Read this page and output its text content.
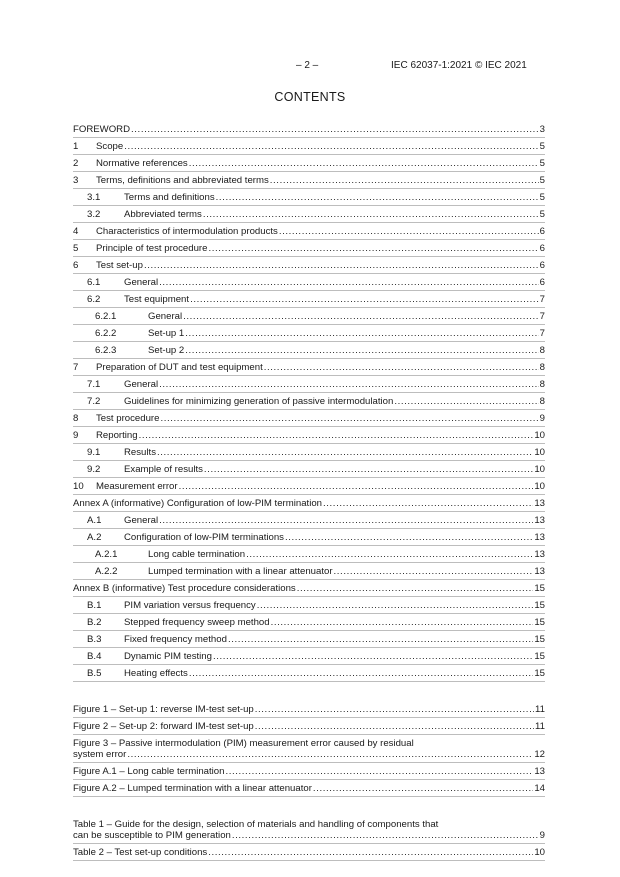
– 2 –	IEC 62037-1:2021 © IEC 2021
CONTENTS
FOREWORD .....	3
1 Scope .....	5
2 Normative references .....	5
3 Terms, definitions and abbreviated terms .....	5
3.1 Terms and definitions .....	5
3.2 Abbreviated terms .....	5
4 Characteristics of intermodulation products .....	6
5 Principle of test procedure .....	6
6 Test set-up .....	6
6.1 General .....	6
6.2 Test equipment .....	7
6.2.1	General .....	7
6.2.2	Set-up 1 .....	7
6.2.3	Set-up 2 .....	8
7 Preparation of DUT and test equipment .....	8
7.1 General .....	8
7.2 Guidelines for minimizing generation of passive intermodulation .....	8
8 Test procedure .....	9
9 Reporting .....	10
9.1 Results .....	10
9.2 Example of results .....	10
10 Measurement error .....	10
Annex A (informative) Configuration of low-PIM termination .....	13
A.1 General .....	13
A.2 Configuration of low-PIM terminations .....	13
A.2.1	Long cable termination .....	13
A.2.2	Lumped termination with a linear attenuator .....	13
Annex B (informative) Test procedure considerations .....	15
B.1 PIM variation versus frequency .....	15
B.2 Stepped frequency sweep method .....	15
B.3 Fixed frequency method .....	15
B.4 Dynamic PIM testing .....	15
B.5 Heating effects .....	15
Figure 1 – Set-up 1: reverse IM-test set-up .....	11
Figure 2 – Set-up 2: forward IM-test set-up .....	11
Figure 3 – Passive intermodulation (PIM) measurement error caused by residual
system error .....	12
Figure A.1 – Long cable termination .....	13
Figure A.2 – Lumped termination with a linear attenuator .....	14
Table 1 – Guide for the design, selection of materials and handling of components that
can be susceptible to PIM generation .....	9
Table 2 – Test set-up conditions .....	10
